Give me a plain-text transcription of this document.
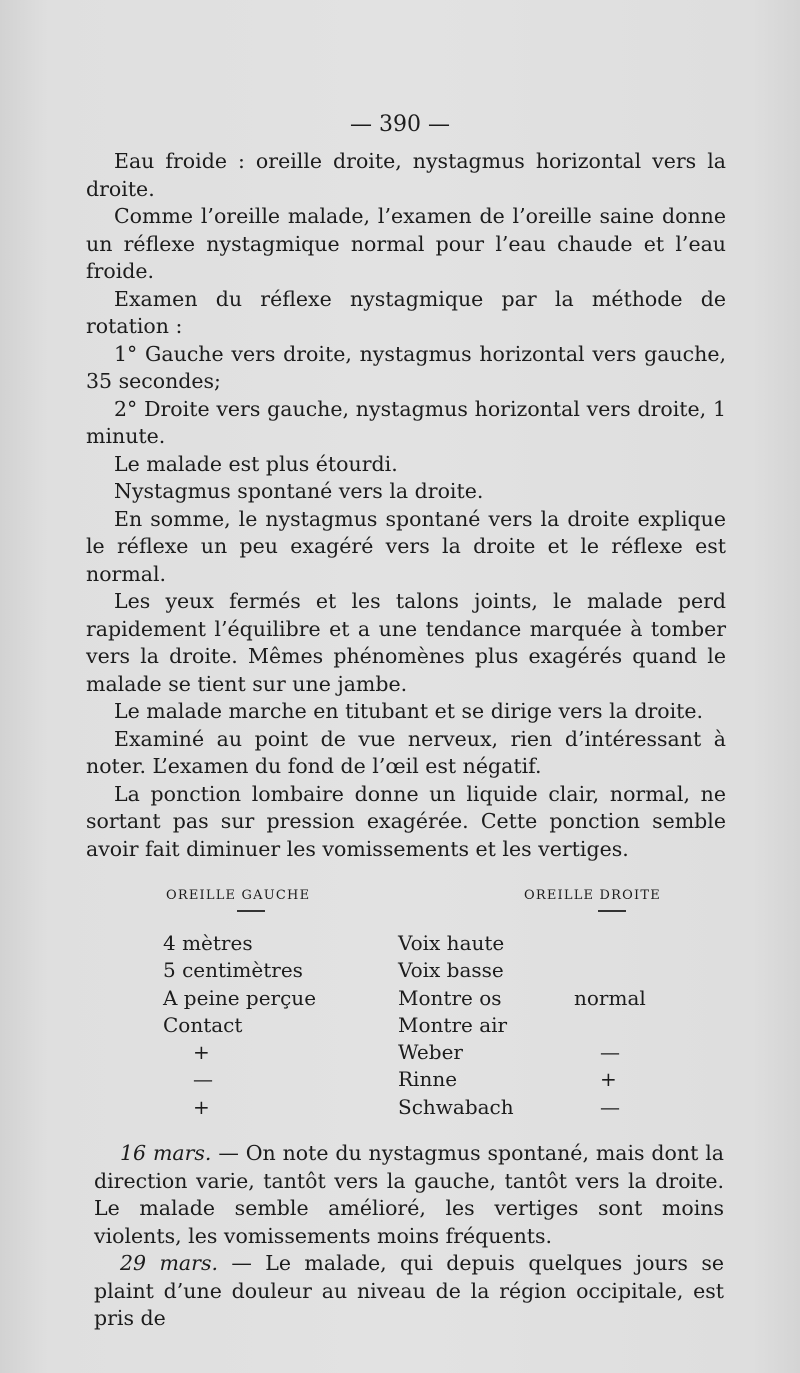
— 390 —

Eau froide : oreille droite, nystagmus horizontal vers la droite.

Comme l’oreille malade, l’examen de l’oreille saine donne un réflexe nystagmique normal pour l’eau chaude et l’eau froide.

Examen du réflexe nystagmique par la méthode de rotation :

1° Gauche vers droite, nystagmus horizontal vers gauche, 35 secondes;

2° Droite vers gauche, nystagmus horizontal vers droite, 1 minute.

Le malade est plus étourdi.

Nystagmus spontané vers la droite.

En somme, le nystagmus spontané vers la droite explique le réflexe un peu exagéré vers la droite et le réflexe est normal.

Les yeux fermés et les talons joints, le malade perd rapidement l’équilibre et a une tendance marquée à tomber vers la droite. Mêmes phénomènes plus exagérés quand le malade se tient sur une jambe.

Le malade marche en titubant et se dirige vers la droite.

Examiné au point de vue nerveux, rien d’intéressant à noter. L’examen du fond de l’œil est négatif.

La ponction lombaire donne un liquide clair, normal, ne sortant pas sur pression exagérée. Cette ponction semble avoir fait diminuer les vomissements et les vertiges.

OREILLE GAUCHE	OREILLE DROITE
4 mètres	Voix haute
5 centimètres	Voix basse
A peine perçue	Montre os	normal
Contact	Montre air
+	Weber	—
—	Rinne	+
+	Schwabach	—

16 mars. — On note du nystagmus spontané, mais dont la direction varie, tantôt vers la gauche, tantôt vers la droite. Le malade semble amélioré, les vertiges sont moins violents, les vomissements moins fréquents.

29 mars. — Le malade, qui depuis quelques jours se plaint d’une douleur au niveau de la région occipitale, est pris de
